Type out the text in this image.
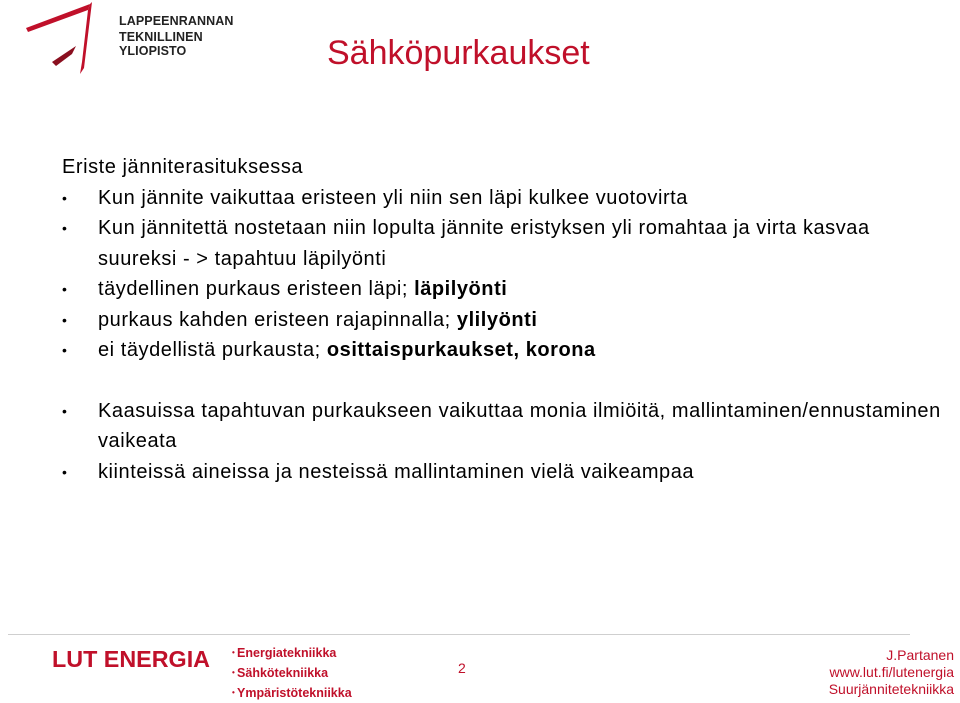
LAPPEENRANNAN
TEKNILLINEN YLIOPISTO	Sähköpurkaukset

Eriste jänniterasituksessa

• Kun jännite vaikuttaa eristeen yli niin sen läpi kulkee vuotovirta
• Kun jännitettä nostetaan niin lopulta jännite eristyksen yli romahtaa ja virta kasvaa suureksi - > tapahtuu läpilyönti
• täydellinen purkaus eristeen läpi; läpilyönti
• purkaus kahden eristeen rajapinnalla; ylilyönti
• ei täydellistä purkausta; osittaispurkaukset, korona
• Kaasuissa tapahtuvan purkaukseen vaikuttaa monia ilmiöitä, mallintaminen/ennustaminen vaikeata
• kiinteissä aineissa ja nesteissä mallintaminen vielä vaikeampaa
LUT ENERGIA
•	Energiatekniikka
• Sähkötekniikka
• Ympäristötekniikka
2
J.Partanen
www.lut.fi/lutenergia
Suurjännitetekniikka
